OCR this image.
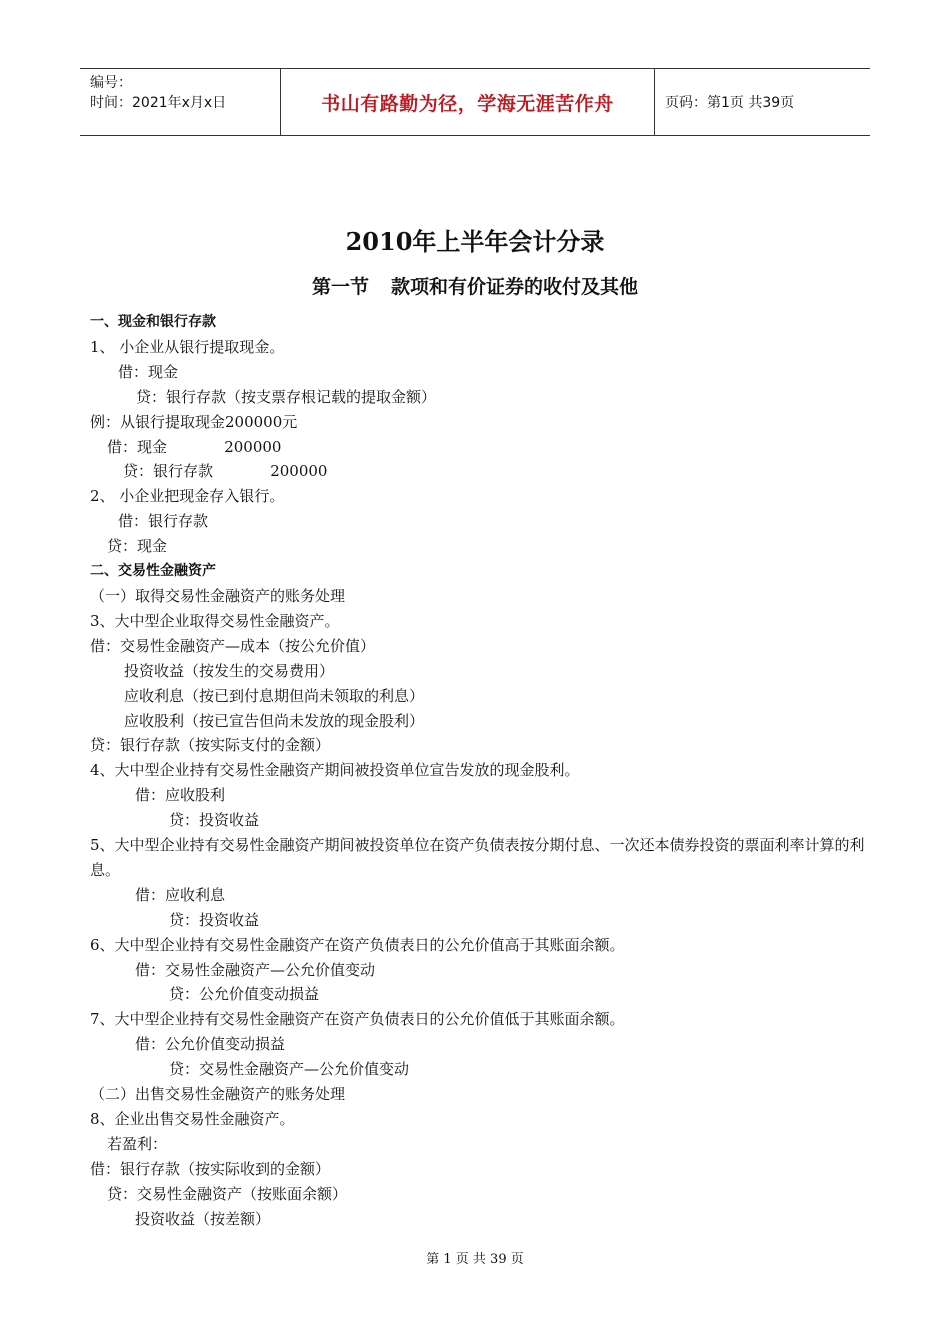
编号：
时间：2021年x月x日	书山有路勤为径，学海无涯苦作舟	页码：第1页 共39页
2010年上半年会计分录
第一节 款项和有价证券的收付及其他
一、现金和银行存款
1、 小企业从银行提取现金。
借：现金
贷：银行存款（按支票存根记载的提取金额）
例：从银行提取现金200000元
借：现金            200000
贷：银行存款            200000
2、 小企业把现金存入银行。
借：银行存款
贷：现金
二、交易性金融资产
（一）取得交易性金融资产的账务处理
3、大中型企业取得交易性金融资产。
借：交易性金融资产—成本（按公允价值）
投资收益（按发生的交易费用）
应收利息（按已到付息期但尚未领取的利息）
应收股利（按已宣告但尚未发放的现金股利）
贷：银行存款（按实际支付的金额）
4、大中型企业持有交易性金融资产期间被投资单位宣告发放的现金股利。
借：应收股利
贷：投资收益
5、大中型企业持有交易性金融资产期间被投资单位在资产负债表按分期付息、一次还本债券投资的票面利率计算的利息。
借：应收利息
贷：投资收益
6、大中型企业持有交易性金融资产在资产负债表日的公允价值高于其账面余额。
借：交易性金融资产—公允价值变动
贷：公允价值变动损益
7、大中型企业持有交易性金融资产在资产负债表日的公允价值低于其账面余额。
借：公允价值变动损益
贷：交易性金融资产—公允价值变动
（二）出售交易性金融资产的账务处理
8、企业出售交易性金融资产。
若盈利：
借：银行存款（按实际收到的金额）
贷：交易性金融资产（按账面余额）
投资收益（按差额）
第 1 页 共 39 页
